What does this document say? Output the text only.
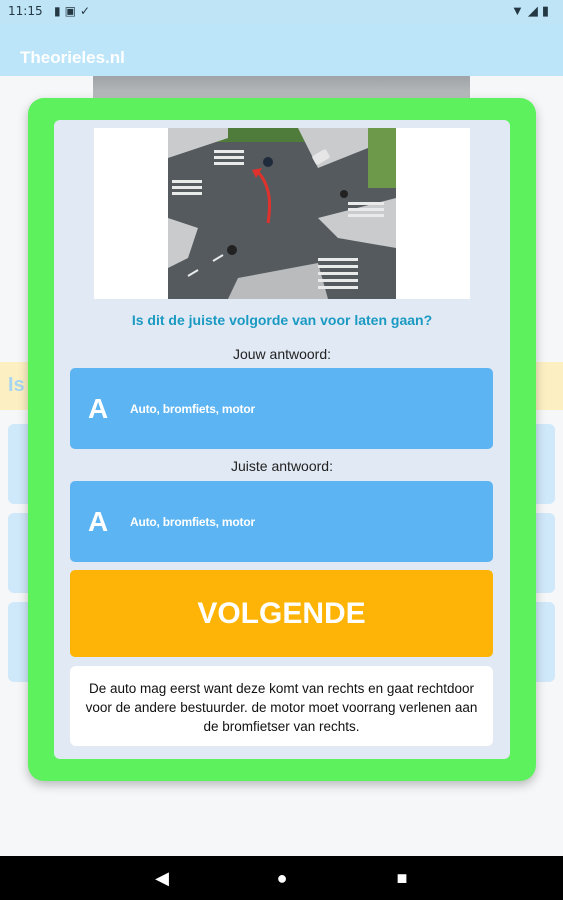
11:15 ▮▣✓	▼◢▮
Theorieles.nl
Is
Is dit de juiste volgorde van voor laten gaan?
Jouw antwoord:
A Auto, bromfiets, motor
Juiste antwoord:
A Auto, bromfiets, motor
VOLGENDE
De auto mag eerst want deze komt van rechts en gaat rechtdoor voor de andere bestuurder. de motor moet voorrang verlenen aan de bromfietser van rechts.
◀	●	■
